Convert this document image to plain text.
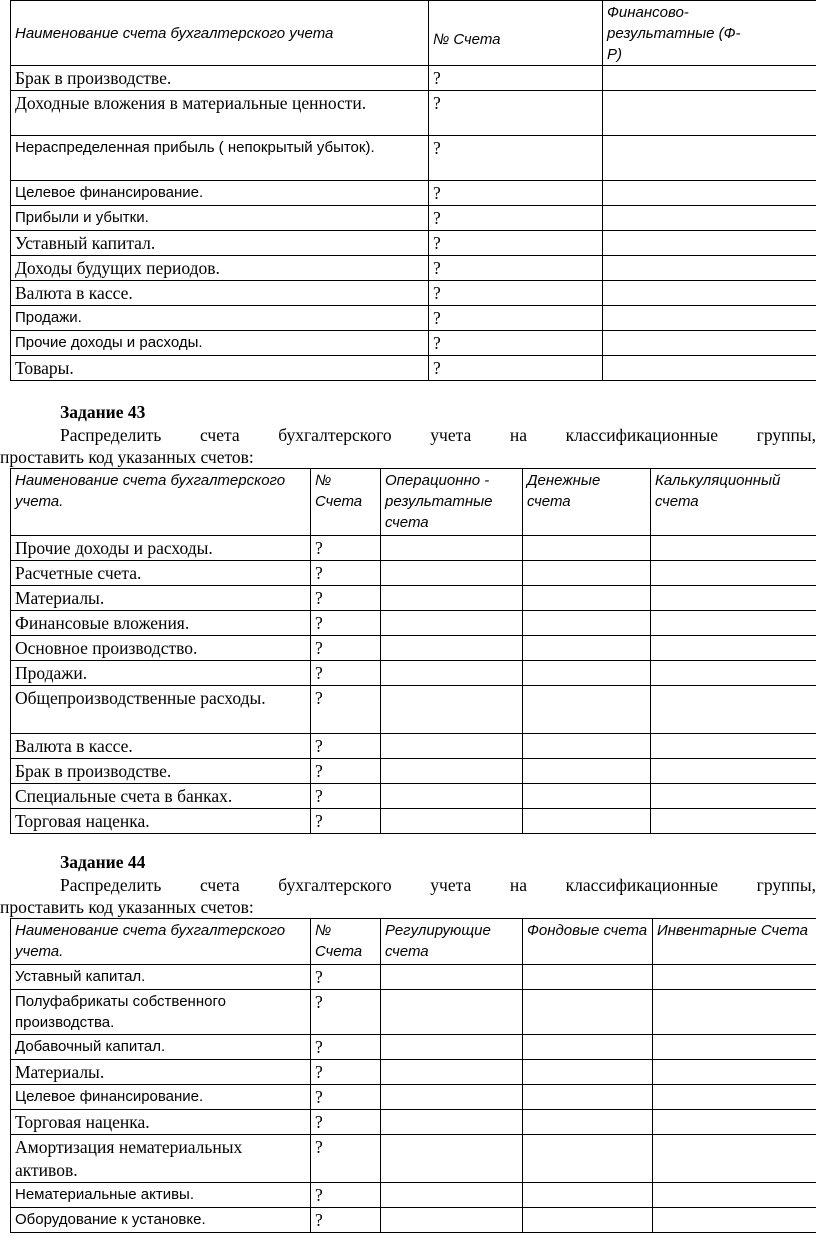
Наименование счета бухгалтерского учета	№ Счета	Финансово-результатные (Ф-Р)

Брак в производстве.	?	
Доходные вложения в материальные ценности.	?	
Нераспределенная прибыль ( непокрытый убыток).	?	
Целевое финансирование.	?	
Прибыли и убытки.	?	
Уставный капитал.	?	
Доходы будущих периодов.	?	
Валюта в кассе.	?	
Продажи.	?	
Прочие доходы и расходы.	?	
Товары.	?	
Задание 43
Распределить счета бухгалтерского учета на классификационные группы,
проставить код указанных счетов:
Наименование счета бухгалтерского учета.	№ Счета	Операционно - результатные счета	Денежные счета	Калькуляционный счета
Прочие доходы и расходы.	?			
Расчетные счета.	?			
Материалы.	?			
Финансовые вложения.	?			
Основное производство.	?			
Продажи.	?			
Общепроизводственные расходы.	?			
Валюта в кассе.	?			
Брак в производстве.	?			
Специальные счета в банках.	?			
Торговая наценка.	?			
Задание 44
Распределить счета бухгалтерского учета на классификационные группы,
проставить код указанных счетов:
Наименование счета бухгалтерского учета.	№ Счета	Регулирующие счета	Фондовые счета	Инвентарные Счета
Уставный капитал.	?			
Полуфабрикаты собственного производства.	?			
Добавочный капитал.	?			
Материалы.	?			
Целевое финансирование.	?			
Торговая наценка.	?			
Амортизация нематериальных активов.	?			
Нематериальные активы.	?			
Оборудование к установке.	?			
